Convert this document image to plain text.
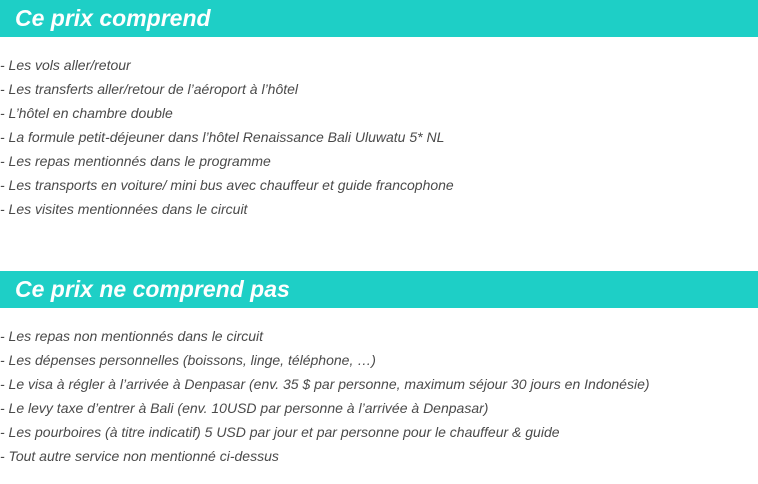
Ce prix comprend
- Les vols aller/retour
- Les transferts aller/retour de l’aéroport à l’hôtel
- L’hôtel en chambre double
- La formule petit-déjeuner dans l’hôtel Renaissance Bali Uluwatu 5* NL
- Les repas mentionnés dans le programme
- Les transports en voiture/ mini bus avec chauffeur et guide francophone
- Les visites mentionnées dans le circuit
Ce prix ne comprend pas
- Les repas non mentionnés dans le circuit
- Les dépenses personnelles (boissons, linge, téléphone, …)
- Le visa à régler à l’arrivée à Denpasar (env. 35 $ par personne, maximum séjour 30 jours en Indonésie)
- Le levy taxe d’entrer à Bali (env. 10USD par personne à l’arrivée à Denpasar)
- Les pourboires (à titre indicatif) 5 USD par jour et par personne pour le chauffeur & guide
- Tout autre service non mentionné ci-dessus
